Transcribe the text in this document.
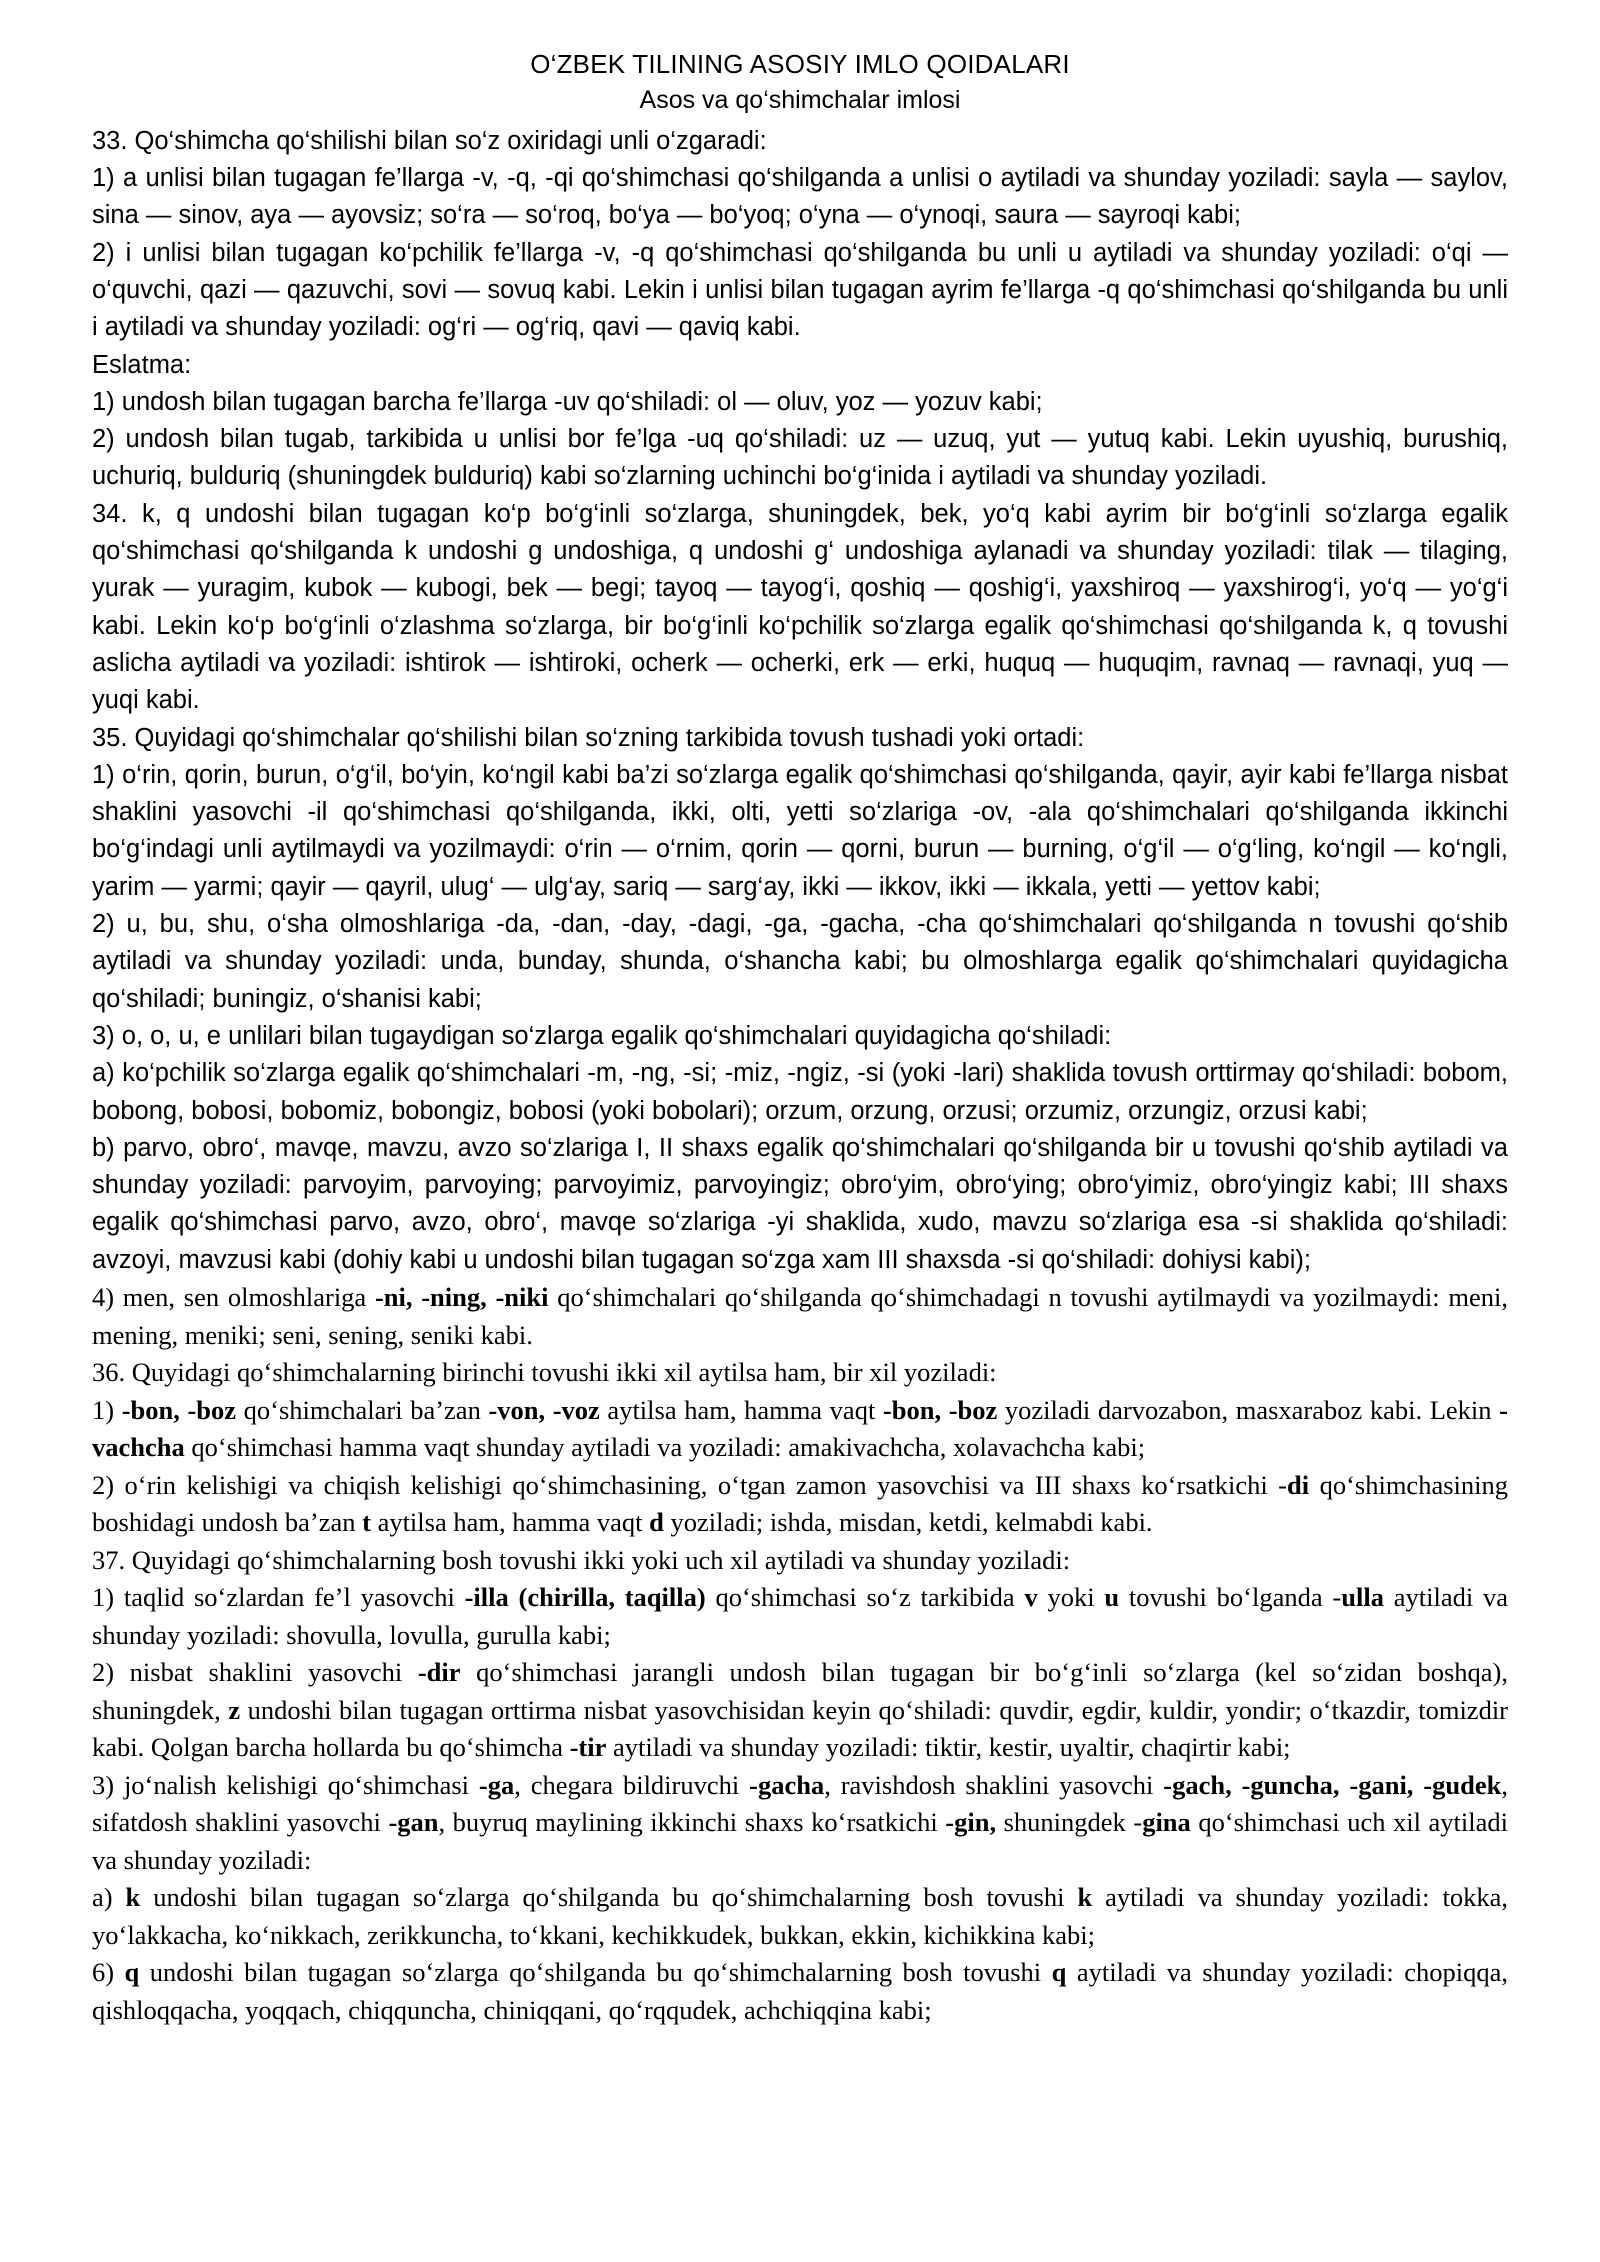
O‘ZBEK TILINING ASOSIY IMLO QOIDALARI
Asos va qo‘shimchalar imlosi

33. Qo‘shimcha qo‘shilishi bilan so‘z oxiridagi unli o‘zgaradi:

1) a unlisi bilan tugagan fe’llarga -v, -q, -qi qo‘shimchasi qo‘shilganda a unlisi o aytiladi va shunday yoziladi: sayla — saylov, sina — sinov, aya — ayovsiz; so‘ra — so‘roq, bo‘ya — bo‘yoq; o‘yna — o‘ynoqi, saura — sayroqi kabi;

2) i unlisi bilan tugagan ko‘pchilik fe’llarga -v, -q qo‘shimchasi qo‘shilganda bu unli u aytiladi va shunday yoziladi: o‘qi — o‘quvchi, qazi — qazuvchi, sovi — sovuq kabi. Lekin i unlisi bilan tugagan ayrim fe’llarga -q qo‘shimchasi qo‘shilganda bu unli i aytiladi va shunday yoziladi: og‘ri — og‘riq, qavi — qaviq kabi.

Eslatma:

1) undosh bilan tugagan barcha fe’llarga -uv qo‘shiladi: ol — oluv, yoz — yozuv kabi;

2) undosh bilan tugab, tarkibida u unlisi bor fe’lga -uq qo‘shiladi: uz — uzuq, yut — yutuq kabi. Lekin uyushiq, burushiq, uchuriq, bulduriq (shuningdek bulduriq) kabi so‘zlarning uchinchi bo‘g‘inida i aytiladi va shunday yoziladi.

34. k, q undoshi bilan tugagan ko‘p bo‘g‘inli so‘zlarga, shuningdek, bek, yo‘q kabi ayrim bir bo‘g‘inli so‘zlarga egalik qo‘shimchasi qo‘shilganda k undoshi g undoshiga, q undoshi g‘ undoshiga aylanadi va shunday yoziladi: tilak — tilaging, yurak — yuragim, kubok — kubogi, bek — begi; tayoq — tayog‘i, qoshiq — qoshig‘i, yaxshiroq — yaxshirog‘i, yo‘q — yo‘g‘i kabi. Lekin ko‘p bo‘g‘inli o‘zlashma so‘zlarga, bir bo‘g‘inli ko‘pchilik so‘zlarga egalik qo‘shimchasi qo‘shilganda k, q tovushi aslicha aytiladi va yoziladi: ishtirok — ishtiroki, ocherk — ocherki, erk — erki, huquq — huquqim, ravnaq — ravnaqi, yuq — yuqi kabi.

35. Quyidagi qo‘shimchalar qo‘shilishi bilan so‘zning tarkibida tovush tushadi yoki ortadi:

1) o‘rin, qorin, burun, o‘g‘il, bo‘yin, ko‘ngil kabi ba’zi so‘zlarga egalik qo‘shimchasi qo‘shilganda, qayir, ayir kabi fe’llarga nisbat shaklini yasovchi -il qo‘shimchasi qo‘shilganda, ikki, olti, yetti so‘zlariga -ov, -ala qo‘shimchalari qo‘shilganda ikkinchi bo‘g‘indagi unli aytilmaydi va yozilmaydi: o‘rin — o‘rnim, qorin — qorni, burun — burning, o‘g‘il — o‘g‘ling, ko‘ngil — ko‘ngli, yarim — yarmi; qayir — qayril, ulug‘ — ulg‘ay, sariq — sarg‘ay, ikki — ikkov, ikki — ikkala, yetti — yettov kabi;

2) u, bu, shu, o‘sha olmoshlariga -da, -dan, -day, -dagi, -ga, -gacha, -cha qo‘shimchalari qo‘shilganda n tovushi qo‘shib aytiladi va shunday yoziladi: unda, bunday, shunda, o‘shancha kabi; bu olmoshlarga egalik qo‘shimchalari quyidagicha qo‘shiladi; buningiz, o‘shanisi kabi;

3) o, o, u, e unlilari bilan tugaydigan so‘zlarga egalik qo‘shimchalari quyidagicha qo‘shiladi:

a) ko‘pchilik so‘zlarga egalik qo‘shimchalari -m, -ng, -si; -miz, -ngiz, -si (yoki -lari) shaklida tovush orttirmay qo‘shiladi: bobom, bobong, bobosi, bobomiz, bobongiz, bobosi (yoki bobolari); orzum, orzung, orzusi; orzumiz, orzungiz, orzusi kabi;

b) parvo, obro‘, mavqe, mavzu, avzo so‘zlariga I, II shaxs egalik qo‘shimchalari qo‘shilganda bir u tovushi qo‘shib aytiladi va shunday yoziladi: parvoyim, parvoying; parvoyimiz, parvoyingiz; obro‘yim, obro‘ying; obro‘yimiz, obro‘yingiz kabi; III shaxs egalik qo‘shimchasi parvo, avzo, obro‘, mavqe so‘zlariga -yi shaklida, xudo, mavzu so‘zlariga esa -si shaklida qo‘shiladi: avzoyi, mavzusi kabi (dohiy kabi u undoshi bilan tugagan so‘zga xam III shaxsda -si qo‘shiladi: dohiysi kabi);

4) men, sen olmoshlariga -ni, -ning, -niki qo‘shimchalari qo‘shilganda qo‘shimchadagi n tovushi aytilmaydi va yozilmaydi: meni, mening, meniki; seni, sening, seniki kabi.

36. Quyidagi qo‘shimchalarning birinchi tovushi ikki xil aytilsa ham, bir xil yoziladi:

1) -bon, -boz qo‘shimchalari ba’zan -von, -voz aytilsa ham, hamma vaqt -bon, -boz yoziladi darvozabon, masxaraboz kabi. Lekin -vachcha qo‘shimchasi hamma vaqt shunday aytiladi va yoziladi: amakivachcha, xolavachcha kabi;

2) o‘rin kelishigi va chiqish kelishigi qo‘shimchasining, o‘tgan zamon yasovchisi va III shaxs ko‘rsatkichi -di qo‘shimchasining boshidagi undosh ba’zan t aytilsa ham, hamma vaqt d yoziladi; ishda, misdan, ketdi, kelmabdi kabi.

37. Quyidagi qo‘shimchalarning bosh tovushi ikki yoki uch xil aytiladi va shunday yoziladi:

1) taqlid so‘zlardan fe’l yasovchi -illa (chirilla, taqilla) qo‘shimchasi so‘z tarkibida v yoki u tovushi bo‘lganda -ulla aytiladi va shunday yoziladi: shovulla, lovulla, gurulla kabi;

2) nisbat shaklini yasovchi -dir qo‘shimchasi jarangli undosh bilan tugagan bir bo‘g‘inli so‘zlarga (kel so‘zidan boshqa), shuningdek, z undoshi bilan tugagan orttirma nisbat yasovchisidan keyin qo‘shiladi: quvdir, egdir, kuldir, yondir; o‘tkazdir, tomizdir kabi. Qolgan barcha hollarda bu qo‘shimcha -tir aytiladi va shunday yoziladi: tiktir, kestir, uyaltir, chaqirtir kabi;

3) jo‘nalish kelishigi qo‘shimchasi -ga, chegara bildiruvchi -gacha, ravishdosh shaklini yasovchi -gach, -guncha, -gani, -gudek, sifatdosh shaklini yasovchi -gan, buyruq maylining ikkinchi shaxs ko‘rsatkichi -gin, shuningdek -gina qo‘shimchasi uch xil aytiladi va shunday yoziladi:

a) k undoshi bilan tugagan so‘zlarga qo‘shilganda bu qo‘shimchalarning bosh tovushi k aytiladi va shunday yoziladi: tokka, yo‘lakkacha, ko‘nikkach, zerikkuncha, to‘kkani, kechikkudek, bukkan, ekkin, kichikkina kabi;

6) q undoshi bilan tugagan so‘zlarga qo‘shilganda bu qo‘shimchalarning bosh tovushi q aytiladi va shunday yoziladi: chopiqqa, qishloqqacha, yoqqach, chiqquncha, chiniqqani, qo‘rqqudek, achchiqqina kabi;
